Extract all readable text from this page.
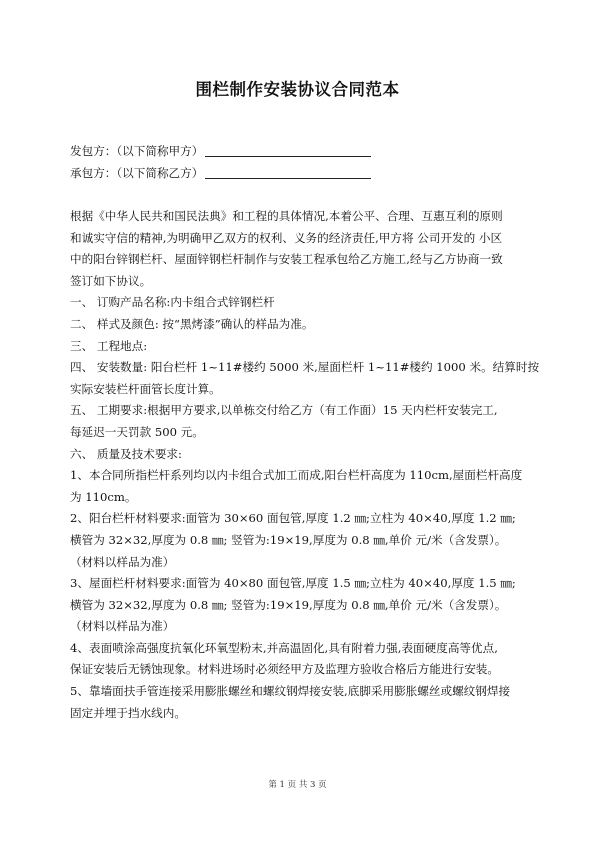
围栏制作安装协议合同范本
发包方：（以下简称甲方）
承包方：（以下简称乙方）

根据《中华人民共和国民法典》和工程的具体情况,本着公平、合理、互惠互利的原则

和诚实守信的精神,为明确甲乙双方的权利、义务的经济责任,甲方将 公司开发的 小区

中的阳台锌钢栏杆、屋面锌钢栏杆制作与安装工程承包给乙方施工,经与乙方协商一致

签订如下协议。

一、 订购产品名称:内卡组合式锌钢栏杆

二、 样式及颜色: 按“黑烤漆”确认的样品为准。

三、 工程地点:

四、 安装数量: 阳台栏杆 1~11#楼约 5000 米,屋面栏杆 1~11#楼约 1000 米。结算时按

实际安装栏杆面管长度计算。

五、 工期要求:根据甲方要求,以单栋交付给乙方（有工作面）15 天内栏杆安装完工,

每延迟一天罚款 500 元。

六、 质量及技术要求:

1、本合同所指栏杆系列均以内卡组合式加工而成,阳台栏杆高度为 110cm,屋面栏杆高度

为 110cm。

2、阳台栏杆材料要求:面管为 30×60 面包管,厚度 1.2 ㎜;立柱为 40×40,厚度 1.2 ㎜;

横管为 32×32,厚度为 0.8 ㎜; 竖管为:19×19,厚度为 0.8 ㎜,单价 元/米（含发票）。

（材料以样品为准）

3、屋面栏杆材料要求:面管为 40×80 面包管,厚度 1.5 ㎜;立柱为 40×40,厚度 1.5 ㎜;

横管为 32×32,厚度为 0.8 ㎜; 竖管为:19×19,厚度为 0.8 ㎜,单价 元/米（含发票）。

（材料以样品为准）

4、表面喷涂高强度抗氧化环氧型粉末,并高温固化,具有附着力强,表面硬度高等优点,

保证安装后无锈蚀现象。材料进场时必须经甲方及监理方验收合格后方能进行安装。

5、靠墙面扶手管连接采用膨胀螺丝和螺纹钢焊接安装,底脚采用膨胀螺丝或螺纹钢焊接

固定并埋于挡水线内。

第 1 页 共 3 页
